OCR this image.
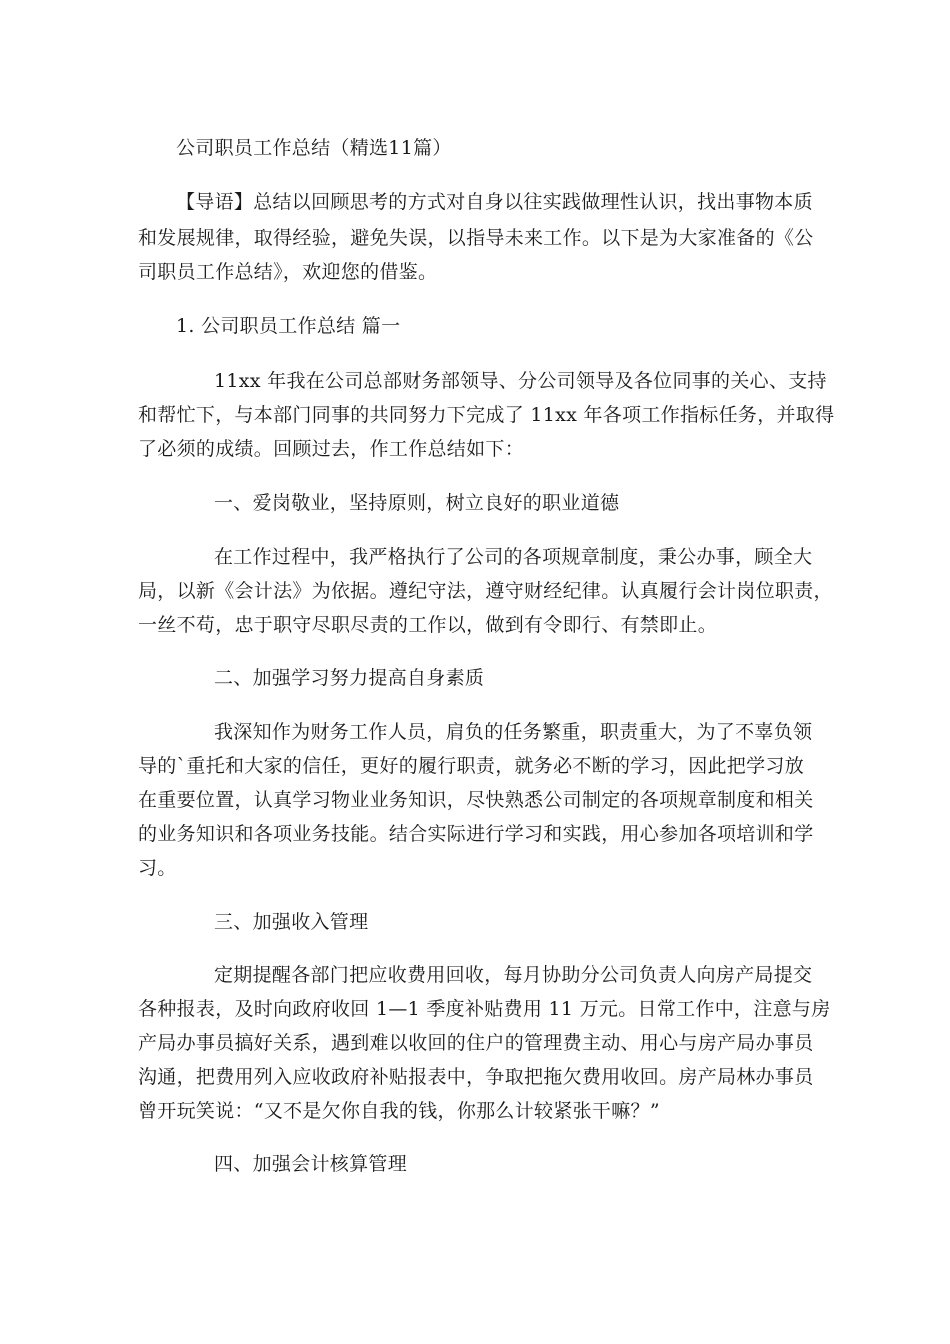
公司职员工作总结（精选11篇）
【导语】总结以回顾思考的方式对自身以往实践做理性认识，找出事物本质
和发展规律，取得经验，避免失误，以指导未来工作。以下是为大家准备的《公
司职员工作总结》，欢迎您的借鉴。
1. 公司职员工作总结 篇一
11xx 年我在公司总部财务部领导、分公司领导及各位同事的关心、支持
和帮忙下，与本部门同事的共同努力下完成了 11xx 年各项工作指标任务，并取得
了必须的成绩。回顾过去，作工作总结如下：
一、爱岗敬业，坚持原则，树立良好的职业道德
在工作过程中，我严格执行了公司的各项规章制度，秉公办事，顾全大
局，以新《会计法》为依据。遵纪守法，遵守财经纪律。认真履行会计岗位职责，
一丝不苟，忠于职守尽职尽责的工作以，做到有令即行、有禁即止。
二、加强学习努力提高自身素质
我深知作为财务工作人员，肩负的任务繁重，职责重大，为了不辜负领
导的`重托和大家的信任，更好的履行职责，就务必不断的学习，因此把学习放
在重要位置，认真学习物业业务知识，尽快熟悉公司制定的各项规章制度和相关
的业务知识和各项业务技能。结合实际进行学习和实践，用心参加各项培训和学
习。
三、加强收入管理
定期提醒各部门把应收费用回收，每月协助分公司负责人向房产局提交
各种报表，及时向政府收回 1—1 季度补贴费用 11 万元。日常工作中，注意与房
产局办事员搞好关系，遇到难以收回的住户的管理费主动、用心与房产局办事员
沟通，把费用列入应收政府补贴报表中，争取把拖欠费用收回。房产局林办事员
曾开玩笑说：“又不是欠你自我的钱，你那么计较紧张干嘛？”
四、加强会计核算管理
